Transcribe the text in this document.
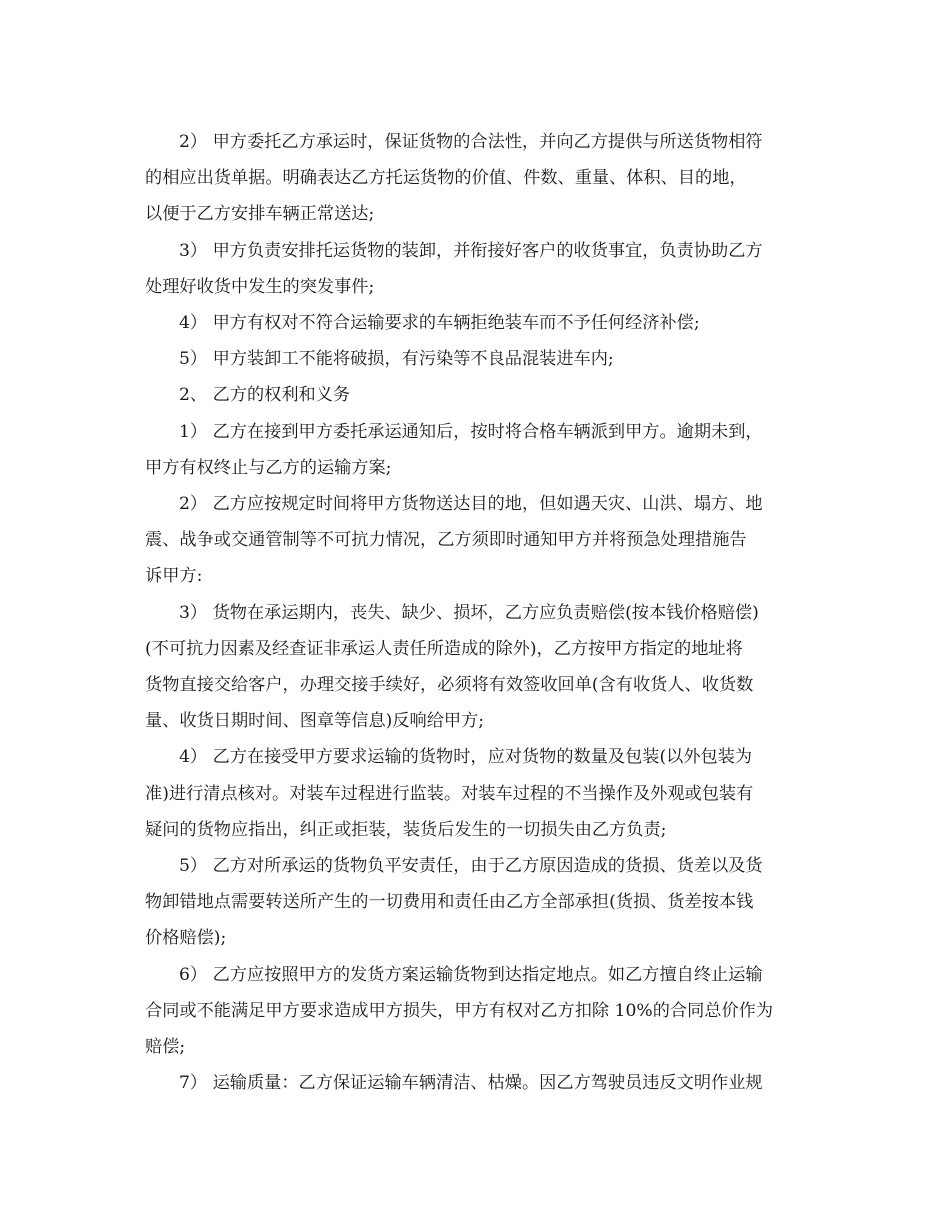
2） 甲方委托乙方承运时，保证货物的合法性，并向乙方提供与所送货物相符
的相应出货单据。明确表达乙方托运货物的价值、件数、重量、体积、目的地，
以便于乙方安排车辆正常送达;

3） 甲方负责安排托运货物的装卸，并衔接好客户的收货事宜，负责协助乙方
处理好收货中发生的突发事件;

4） 甲方有权对不符合运输要求的车辆拒绝装车而不予任何经济补偿;

5） 甲方装卸工不能将破损，有污染等不良品混装进车内;

2、 乙方的权利和义务

1） 乙方在接到甲方委托承运通知后，按时将合格车辆派到甲方。逾期未到，
甲方有权终止与乙方的运输方案;

2） 乙方应按规定时间将甲方货物送达目的地，但如遇天灾、山洪、塌方、地
震、战争或交通管制等不可抗力情况，乙方须即时通知甲方并将预急处理措施告
诉甲方:

3） 货物在承运期内，丧失、缺少、损坏，乙方应负责赔偿(按本钱价格赔偿)
(不可抗力因素及经查证非承运人责任所造成的除外)，乙方按甲方指定的地址将
货物直接交给客户，办理交接手续好，必须将有效签收回单(含有收货人、收货数
量、收货日期时间、图章等信息)反响给甲方;

4） 乙方在接受甲方要求运输的货物时，应对货物的数量及包装(以外包装为
准)进行清点核对。对装车过程进行监装。对装车过程的不当操作及外观或包装有
疑问的货物应指出，纠正或拒装，装货后发生的一切损失由乙方负责;

5） 乙方对所承运的货物负平安责任，由于乙方原因造成的货损、货差以及货
物卸错地点需要转送所产生的一切费用和责任由乙方全部承担(货损、货差按本钱
价格赔偿);

6） 乙方应按照甲方的发货方案运输货物到达指定地点。如乙方擅自终止运输
合同或不能满足甲方要求造成甲方损失，甲方有权对乙方扣除 10%的合同总价作为
赔偿;

7） 运输质量：乙方保证运输车辆清洁、枯燥。因乙方驾驶员违反文明作业规
